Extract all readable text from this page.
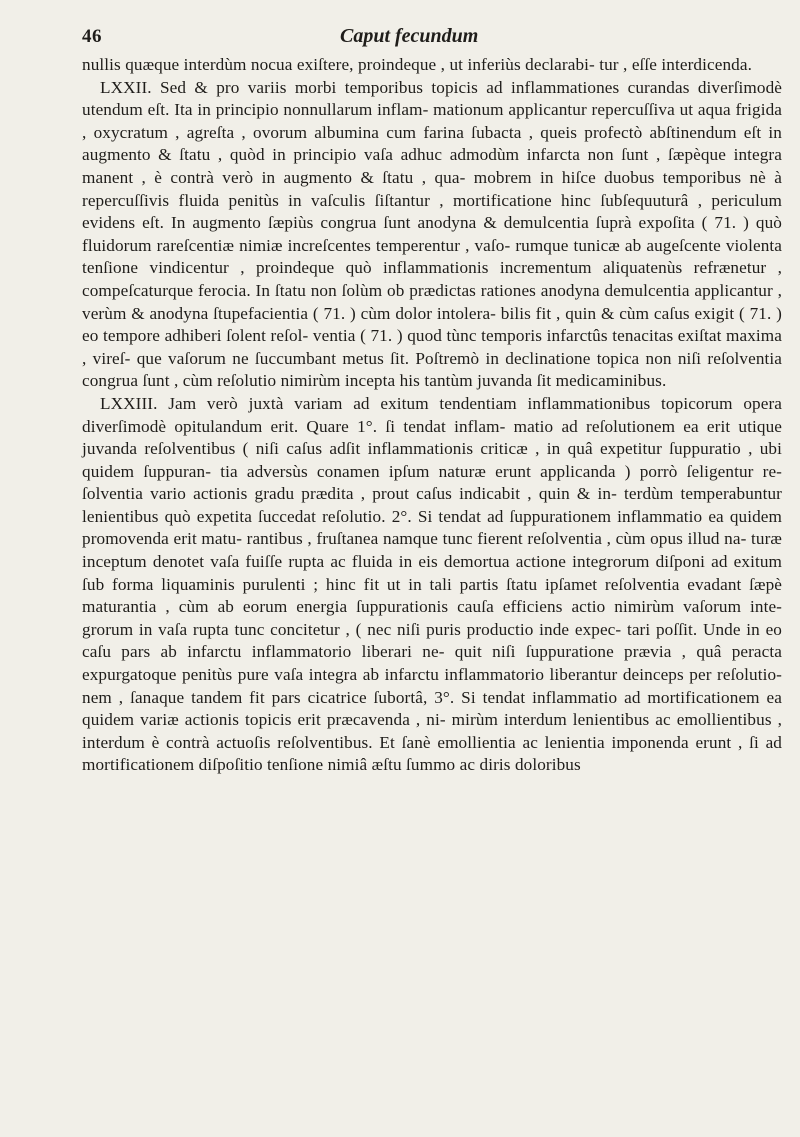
46	Caput fecundum

nullis quæque interdùm nocua exiſtere, proindeque , ut inferiùs declarabi- tur , eſſe interdicenda.

LXXII. Sed & pro variis morbi temporibus topicis ad inflammationes curandas diverſimodè utendum eſt. Ita in principio nonnullarum inflam- mationum applicantur repercuſſiva ut aqua frigida , oxycratum , agreſta , ovorum albumina cum farina ſubacta , queis profectò abſtinendum eſt in augmento & ſtatu , quòd in principio vaſa adhuc admodùm infarcta non ſunt , ſæpèque integra manent , è contrà verò in augmento & ſtatu , qua- mobrem in hiſce duobus temporibus nè à repercuſſivis fluida penitùs in vaſculis ſiſtantur , mortificatione hinc ſubſequuturâ , periculum evidens eſt. In augmento ſæpiùs congrua ſunt anodyna & demulcentia ſuprà expoſita ( 71. ) quò fluidorum rareſcentiæ nimiæ increſcentes temperentur , vaſo- rumque tunicæ ab augeſcente violenta tenſione vindicentur , proindeque quò inflammationis incrementum aliquatenùs refrænetur , compeſcaturque ferocia. In ſtatu non ſolùm ob prædictas rationes anodyna demulcentia applicantur , verùm & anodyna ſtupefacientia ( 71. ) cùm dolor intolera- bilis fit , quin & cùm caſus exigit ( 71. ) eo tempore adhiberi ſolent reſol- ventia ( 71. ) quod tùnc temporis infarctûs tenacitas exiſtat maxima , vireſ- que vaſorum ne ſuccumbant metus ſit. Poſtremò in declinatione topica non niſi reſolventia congrua ſunt , cùm reſolutio nimirùm incepta his tantùm juvanda ſit medicaminibus.

LXXIII. Jam verò juxtà variam ad exitum tendentiam inflammationibus topicorum opera diverſimodè opitulandum erit. Quare 1°. ſi tendat inflam- matio ad reſolutionem ea erit utique juvanda reſolventibus ( niſi caſus adſit inflammationis criticæ , in quâ expetitur ſuppuratio , ubi quidem ſuppuran- tia adversùs conamen ipſum naturæ erunt applicanda ) porrò ſeligentur re- ſolventia vario actionis gradu prædita , prout caſus indicabit , quin & in- terdùm temperabuntur lenientibus quò expetita ſuccedat reſolutio. 2°. Si tendat ad ſuppurationem inflammatio ea quidem promovenda erit matu- rantibus , fruſtanea namque tunc fierent reſolventia , cùm opus illud na- turæ inceptum denotet vaſa fuiſſe rupta ac fluida in eis demortua actione integrorum diſponi ad exitum ſub forma liquaminis purulenti ; hinc fit ut in tali partis ſtatu ipſamet reſolventia evadant ſæpè maturantia , cùm ab eorum energia ſuppurationis cauſa efficiens actio nimirùm vaſorum inte- grorum in vaſa rupta tunc concitetur , ( nec niſi puris productio inde expec- tari poſſit. Unde in eo caſu pars ab infarctu inflammatorio liberari ne- quit niſi ſuppuratione prævia , quâ peracta expurgatoque penitùs pure vaſa integra ab infarctu inflammatorio liberantur deinceps per reſolutio- nem , ſanaque tandem fit pars cicatrice ſubortâ, 3°. Si tendat inflammatio ad mortificationem ea quidem variæ actionis topicis erit præcavenda , ni- mirùm interdum lenientibus ac emollientibus , interdum è contrà actuoſis reſolventibus. Et ſanè emollientia ac lenientia imponenda erunt , ſi ad mortificationem diſpoſitio tenſione nimiâ æſtu ſummo ac diris doloribus
